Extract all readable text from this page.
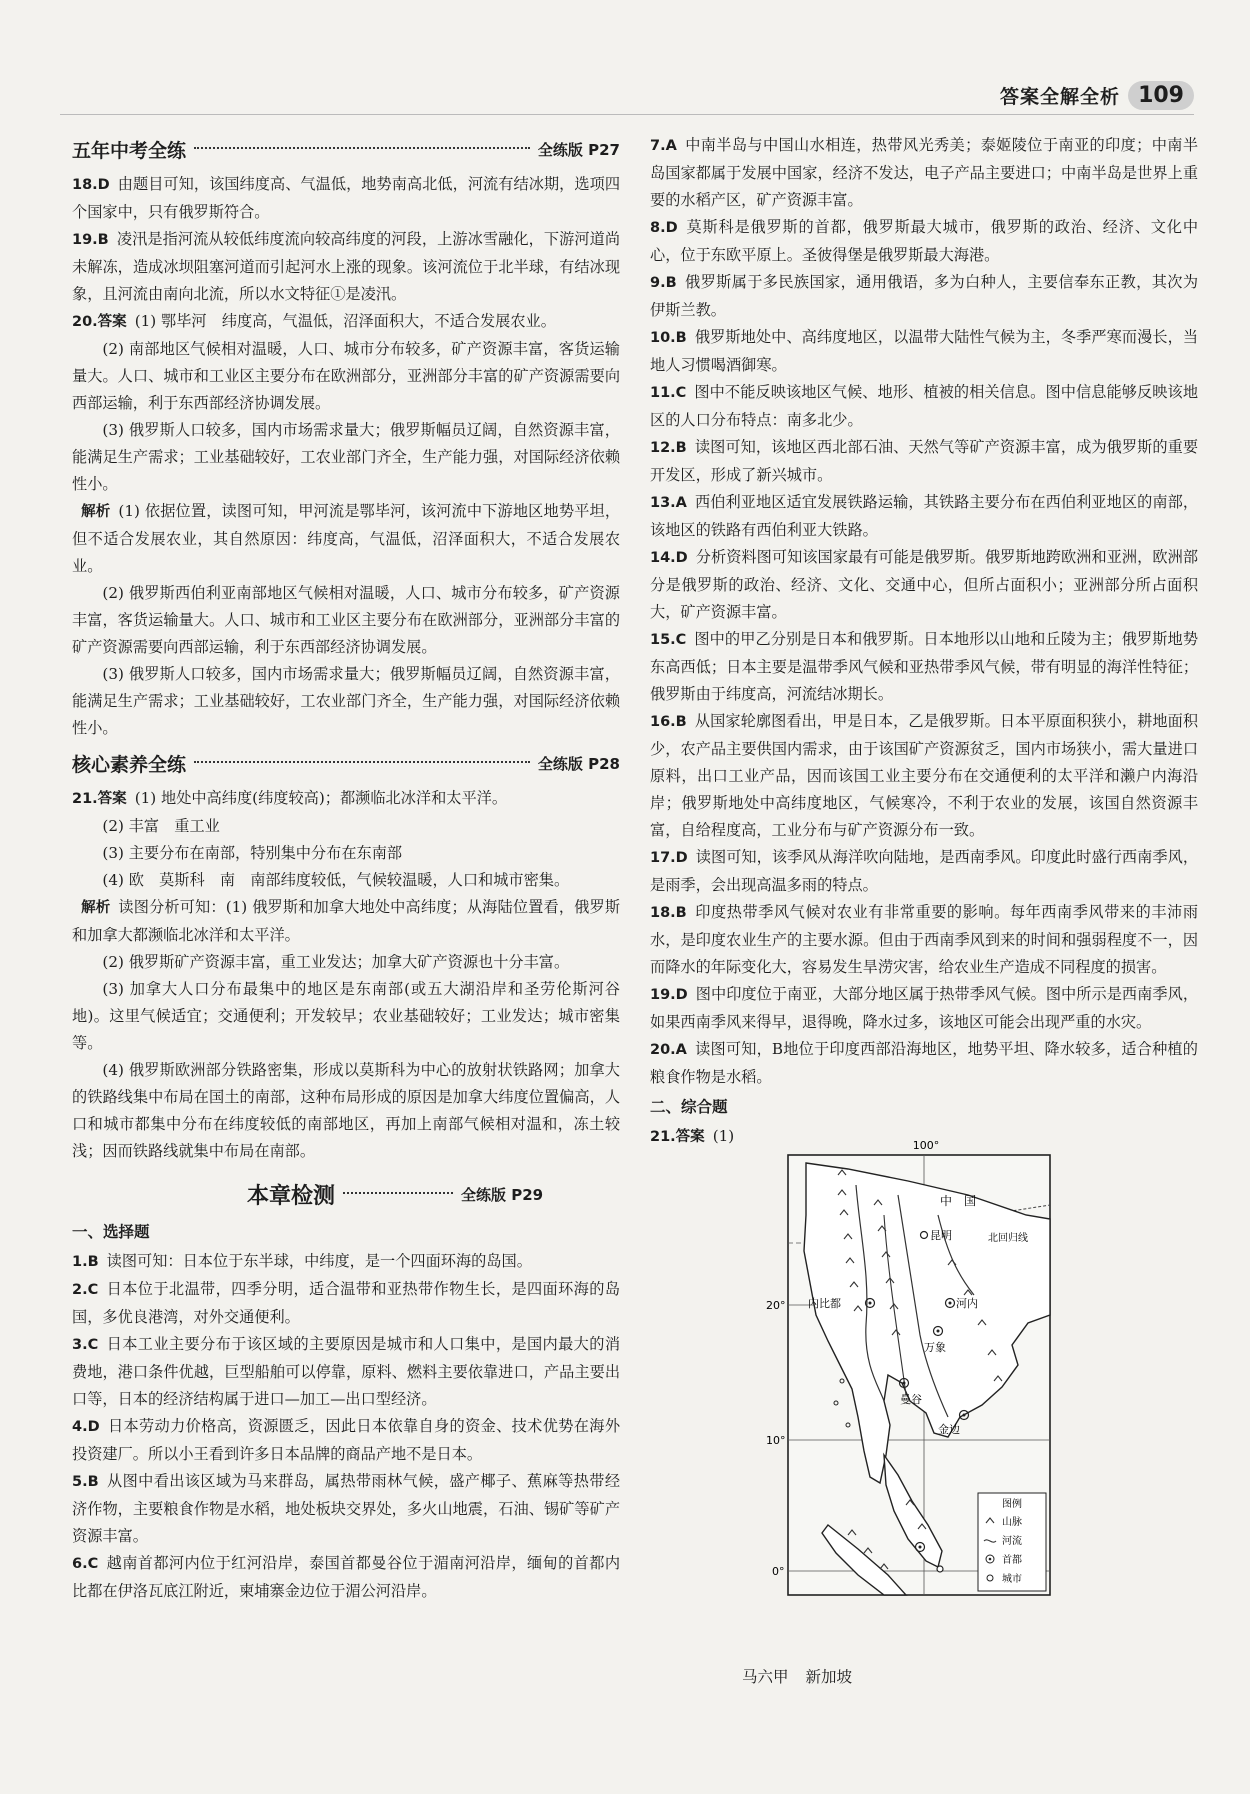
答案全解全析 109
五年中考全练	全练版 P27

18.D 由题目可知，该国纬度高、气温低，地势南高北低，河流有结冰期，选项四个国家中，只有俄罗斯符合。

19.B 凌汛是指河流从较低纬度流向较高纬度的河段，上游冰雪融化，下游河道尚未解冻，造成冰坝阻塞河道而引起河水上涨的现象。该河流位于北半球，有结冰现象，且河流由南向北流，所以水文特征①是凌汛。

20.答案 (1) 鄂毕河　纬度高，气温低，沼泽面积大，不适合发展农业。

(2) 南部地区气候相对温暖，人口、城市分布较多，矿产资源丰富，客货运输量大。人口、城市和工业区主要分布在欧洲部分，亚洲部分丰富的矿产资源需要向西部运输，利于东西部经济协调发展。

(3) 俄罗斯人口较多，国内市场需求量大；俄罗斯幅员辽阔，自然资源丰富，能满足生产需求；工业基础较好，工农业部门齐全，生产能力强，对国际经济依赖性小。

解析 (1) 依据位置，读图可知，甲河流是鄂毕河，该河流中下游地区地势平坦，但不适合发展农业，其自然原因：纬度高，气温低，沼泽面积大，不适合发展农业。

(2) 俄罗斯西伯利亚南部地区气候相对温暖，人口、城市分布较多，矿产资源丰富，客货运输量大。人口、城市和工业区主要分布在欧洲部分，亚洲部分丰富的矿产资源需要向西部运输，利于东西部经济协调发展。

(3) 俄罗斯人口较多，国内市场需求量大；俄罗斯幅员辽阔，自然资源丰富，能满足生产需求；工业基础较好，工农业部门齐全，生产能力强，对国际经济依赖性小。

核心素养全练	全练版 P28

21.答案 (1) 地处中高纬度(纬度较高)；都濒临北冰洋和太平洋。

(2) 丰富　重工业

(3) 主要分布在南部，特别集中分布在东南部

(4) 欧　莫斯科　南　南部纬度较低，气候较温暖，人口和城市密集。

解析 读图分析可知：(1) 俄罗斯和加拿大地处中高纬度；从海陆位置看，俄罗斯和加拿大都濒临北冰洋和太平洋。

(2) 俄罗斯矿产资源丰富，重工业发达；加拿大矿产资源也十分丰富。

(3) 加拿大人口分布最集中的地区是东南部(或五大湖沿岸和圣劳伦斯河谷地)。这里气候适宜；交通便利；开发较早；农业基础较好；工业发达；城市密集等。

(4) 俄罗斯欧洲部分铁路密集，形成以莫斯科为中心的放射状铁路网；加拿大的铁路线集中布局在国土的南部，这种布局形成的原因是加拿大纬度位置偏高，人口和城市都集中分布在纬度较低的南部地区，再加上南部气候相对温和，冻土较浅；因而铁路线就集中布局在南部。

本章检测	全练版 P29
一、选择题

1.B 读图可知：日本位于东半球，中纬度，是一个四面环海的岛国。

2.C 日本位于北温带，四季分明，适合温带和亚热带作物生长，是四面环海的岛国，多优良港湾，对外交通便利。

3.C 日本工业主要分布于该区域的主要原因是城市和人口集中，是国内最大的消费地，港口条件优越，巨型船舶可以停靠，原料、燃料主要依靠进口，产品主要出口等，日本的经济结构属于进口—加工—出口型经济。

4.D 日本劳动力价格高，资源匮乏，因此日本依靠自身的资金、技术优势在海外投资建厂。所以小王看到许多日本品牌的商品产地不是日本。

5.B 从图中看出该区域为马来群岛，属热带雨林气候，盛产椰子、蕉麻等热带经济作物，主要粮食作物是水稻，地处板块交界处，多火山地震，石油、锡矿等矿产资源丰富。

6.C 越南首都河内位于红河沿岸，泰国首都曼谷位于湄南河沿岸，缅甸的首都内比都在伊洛瓦底江附近，柬埔寨金边位于湄公河沿岸。

7.A 中南半岛与中国山水相连，热带风光秀美；泰姬陵位于南亚的印度；中南半岛国家都属于发展中国家，经济不发达，电子产品主要进口；中南半岛是世界上重要的水稻产区，矿产资源丰富。

8.D 莫斯科是俄罗斯的首都，俄罗斯最大城市，俄罗斯的政治、经济、文化中心，位于东欧平原上。圣彼得堡是俄罗斯最大海港。

9.B 俄罗斯属于多民族国家，通用俄语，多为白种人，主要信奉东正教，其次为伊斯兰教。

10.B 俄罗斯地处中、高纬度地区，以温带大陆性气候为主，冬季严寒而漫长，当地人习惯喝酒御寒。

11.C 图中不能反映该地区气候、地形、植被的相关信息。图中信息能够反映该地区的人口分布特点：南多北少。

12.B 读图可知，该地区西北部石油、天然气等矿产资源丰富，成为俄罗斯的重要开发区，形成了新兴城市。

13.A 西伯利亚地区适宜发展铁路运输，其铁路主要分布在西伯利亚地区的南部，该地区的铁路有西伯利亚大铁路。

14.D 分析资料图可知该国家最有可能是俄罗斯。俄罗斯地跨欧洲和亚洲，欧洲部分是俄罗斯的政治、经济、文化、交通中心，但所占面积小；亚洲部分所占面积大，矿产资源丰富。

15.C 图中的甲乙分别是日本和俄罗斯。日本地形以山地和丘陵为主；俄罗斯地势东高西低；日本主要是温带季风气候和亚热带季风气候，带有明显的海洋性特征；俄罗斯由于纬度高，河流结冰期长。

16.B 从国家轮廓图看出，甲是日本，乙是俄罗斯。日本平原面积狭小，耕地面积少，农产品主要供国内需求，由于该国矿产资源贫乏，国内市场狭小，需大量进口原料，出口工业产品，因而该国工业主要分布在交通便利的太平洋和濑户内海沿岸；俄罗斯地处中高纬度地区，气候寒冷，不利于农业的发展，该国自然资源丰富，自给程度高，工业分布与矿产资源分布一致。

17.D 读图可知，该季风从海洋吹向陆地，是西南季风。印度此时盛行西南季风，是雨季，会出现高温多雨的特点。

18.B 印度热带季风气候对农业有非常重要的影响。每年西南季风带来的丰沛雨水，是印度农业生产的主要水源。但由于西南季风到来的时间和强弱程度不一，因而降水的年际变化大，容易发生旱涝灾害，给农业生产造成不同程度的损害。

19.D 图中印度位于南亚，大部分地区属于热带季风气候。图中所示是西南季风，如果西南季风来得早，退得晚，降水过多，该地区可能会出现严重的水灾。

20.A 读图可知，B地位于印度西部沿海地区，地势平坦、降水较多，适合种植的粮食作物是水稻。

二、综合题

21.答案 (1)

100°
20°
10°
0°
中　国
北回归线
昆明
内比都	河内
万象
曼谷
金边
图例
山脉
河流
首都
城市
马六甲 新加坡
